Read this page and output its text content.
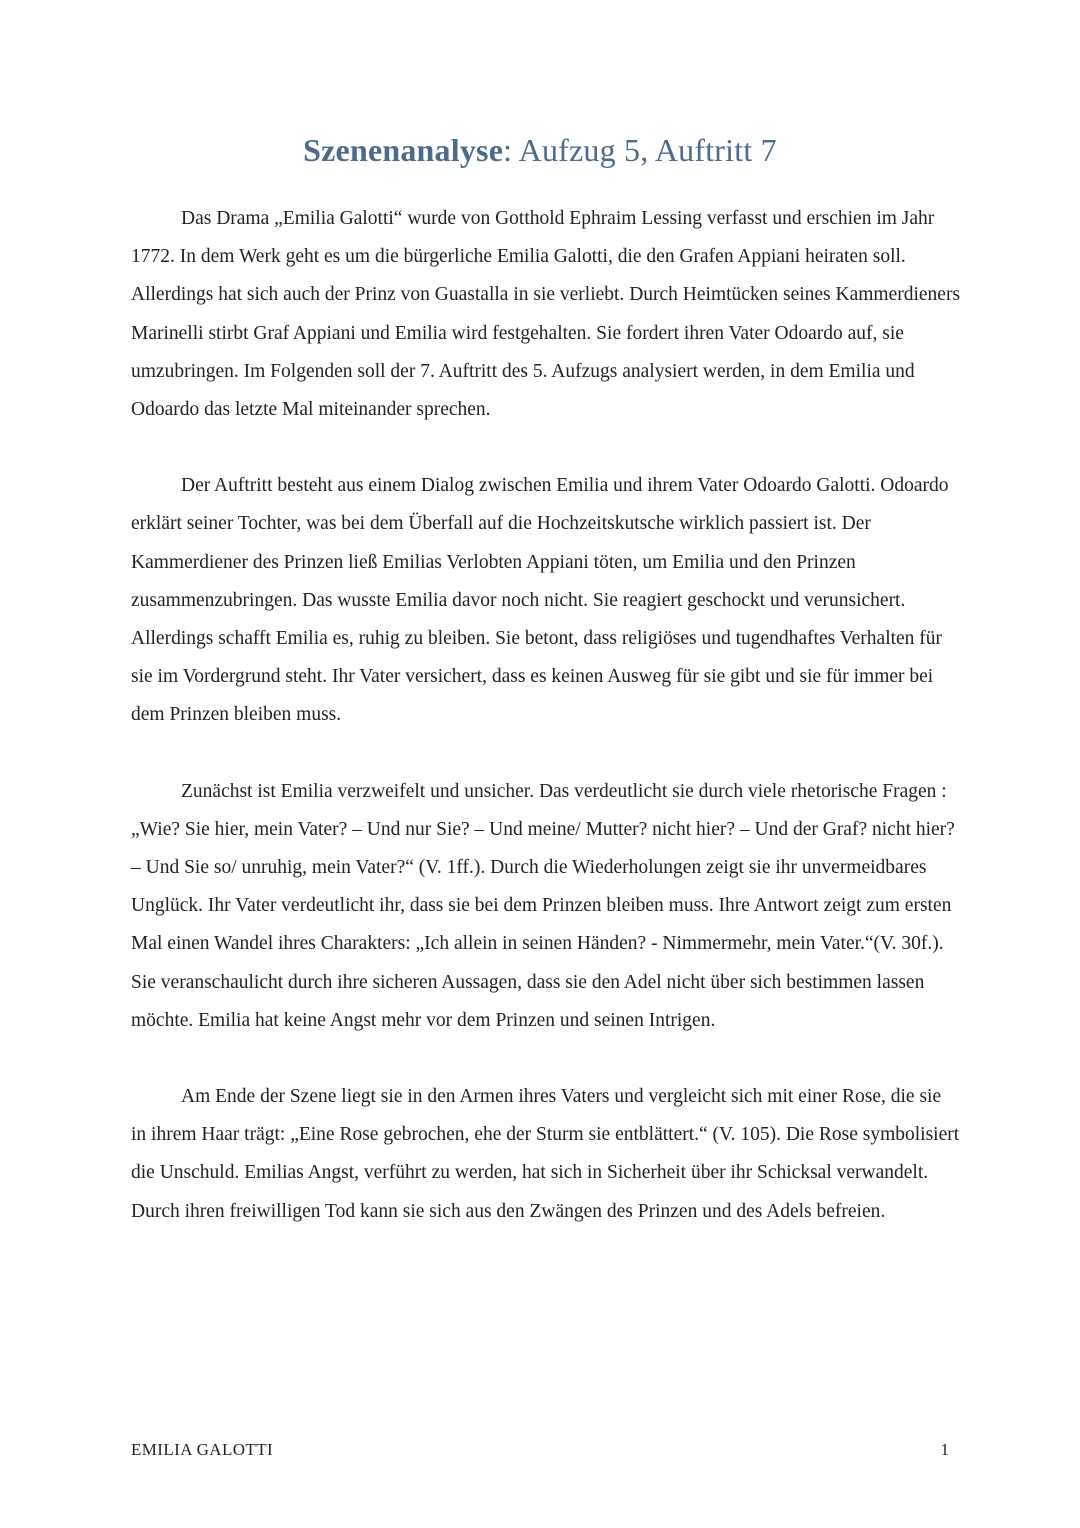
Szenenanalyse: Aufzug 5, Auftritt 7

Das Drama „Emilia Galotti“ wurde von Gotthold Ephraim Lessing verfasst und erschien im Jahr 1772. In dem Werk geht es um die bürgerliche Emilia Galotti, die den Grafen Appiani heiraten soll. Allerdings hat sich auch der Prinz von Guastalla in sie verliebt. Durch Heimtücken seines Kammerdieners Marinelli stirbt Graf Appiani und Emilia wird festgehalten. Sie fordert ihren Vater Odoardo auf, sie umzubringen. Im Folgenden soll der 7. Auftritt des 5. Aufzugs analysiert werden, in dem Emilia und Odoardo das letzte Mal miteinander sprechen.

Der Auftritt besteht aus einem Dialog zwischen Emilia und ihrem Vater Odoardo Galotti. Odoardo erklärt seiner Tochter, was bei dem Überfall auf die Hochzeitskutsche wirklich passiert ist. Der Kammerdiener des Prinzen ließ Emilias Verlobten Appiani töten, um Emilia und den Prinzen zusammenzubringen. Das wusste Emilia davor noch nicht. Sie reagiert geschockt und verunsichert. Allerdings schafft Emilia es, ruhig zu bleiben. Sie betont, dass religiöses und tugendhaftes Verhalten für sie im Vordergrund steht. Ihr Vater versichert, dass es keinen Ausweg für sie gibt und sie für immer bei dem Prinzen bleiben muss.

Zunächst ist Emilia verzweifelt und unsicher. Das verdeutlicht sie durch viele rhetorische Fragen : „Wie? Sie hier, mein Vater? – Und nur Sie? – Und meine/ Mutter? nicht hier? – Und der Graf? nicht hier? – Und Sie so/ unruhig, mein Vater?“ (V. 1ff.). Durch die Wiederholungen zeigt sie ihr unvermeidbares Unglück. Ihr Vater verdeutlicht ihr, dass sie bei dem Prinzen bleiben muss. Ihre Antwort zeigt zum ersten Mal einen Wandel ihres Charakters: „Ich allein in seinen Händen? - Nimmermehr, mein Vater.“(V. 30f.). Sie veranschaulicht durch ihre sicheren Aussagen, dass sie den Adel nicht über sich bestimmen lassen möchte. Emilia hat keine Angst mehr vor dem Prinzen und seinen Intrigen.

Am Ende der Szene liegt sie in den Armen ihres Vaters und vergleicht sich mit einer Rose, die sie in ihrem Haar trägt: „Eine Rose gebrochen, ehe der Sturm sie entblättert.“ (V. 105). Die Rose symbolisiert die Unschuld. Emilias Angst, verführt zu werden, hat sich in Sicherheit über ihr Schicksal verwandelt. Durch ihren freiwilligen Tod kann sie sich aus den Zwängen des Prinzen und des Adels befreien.

EMILIA GALOTTI	1
